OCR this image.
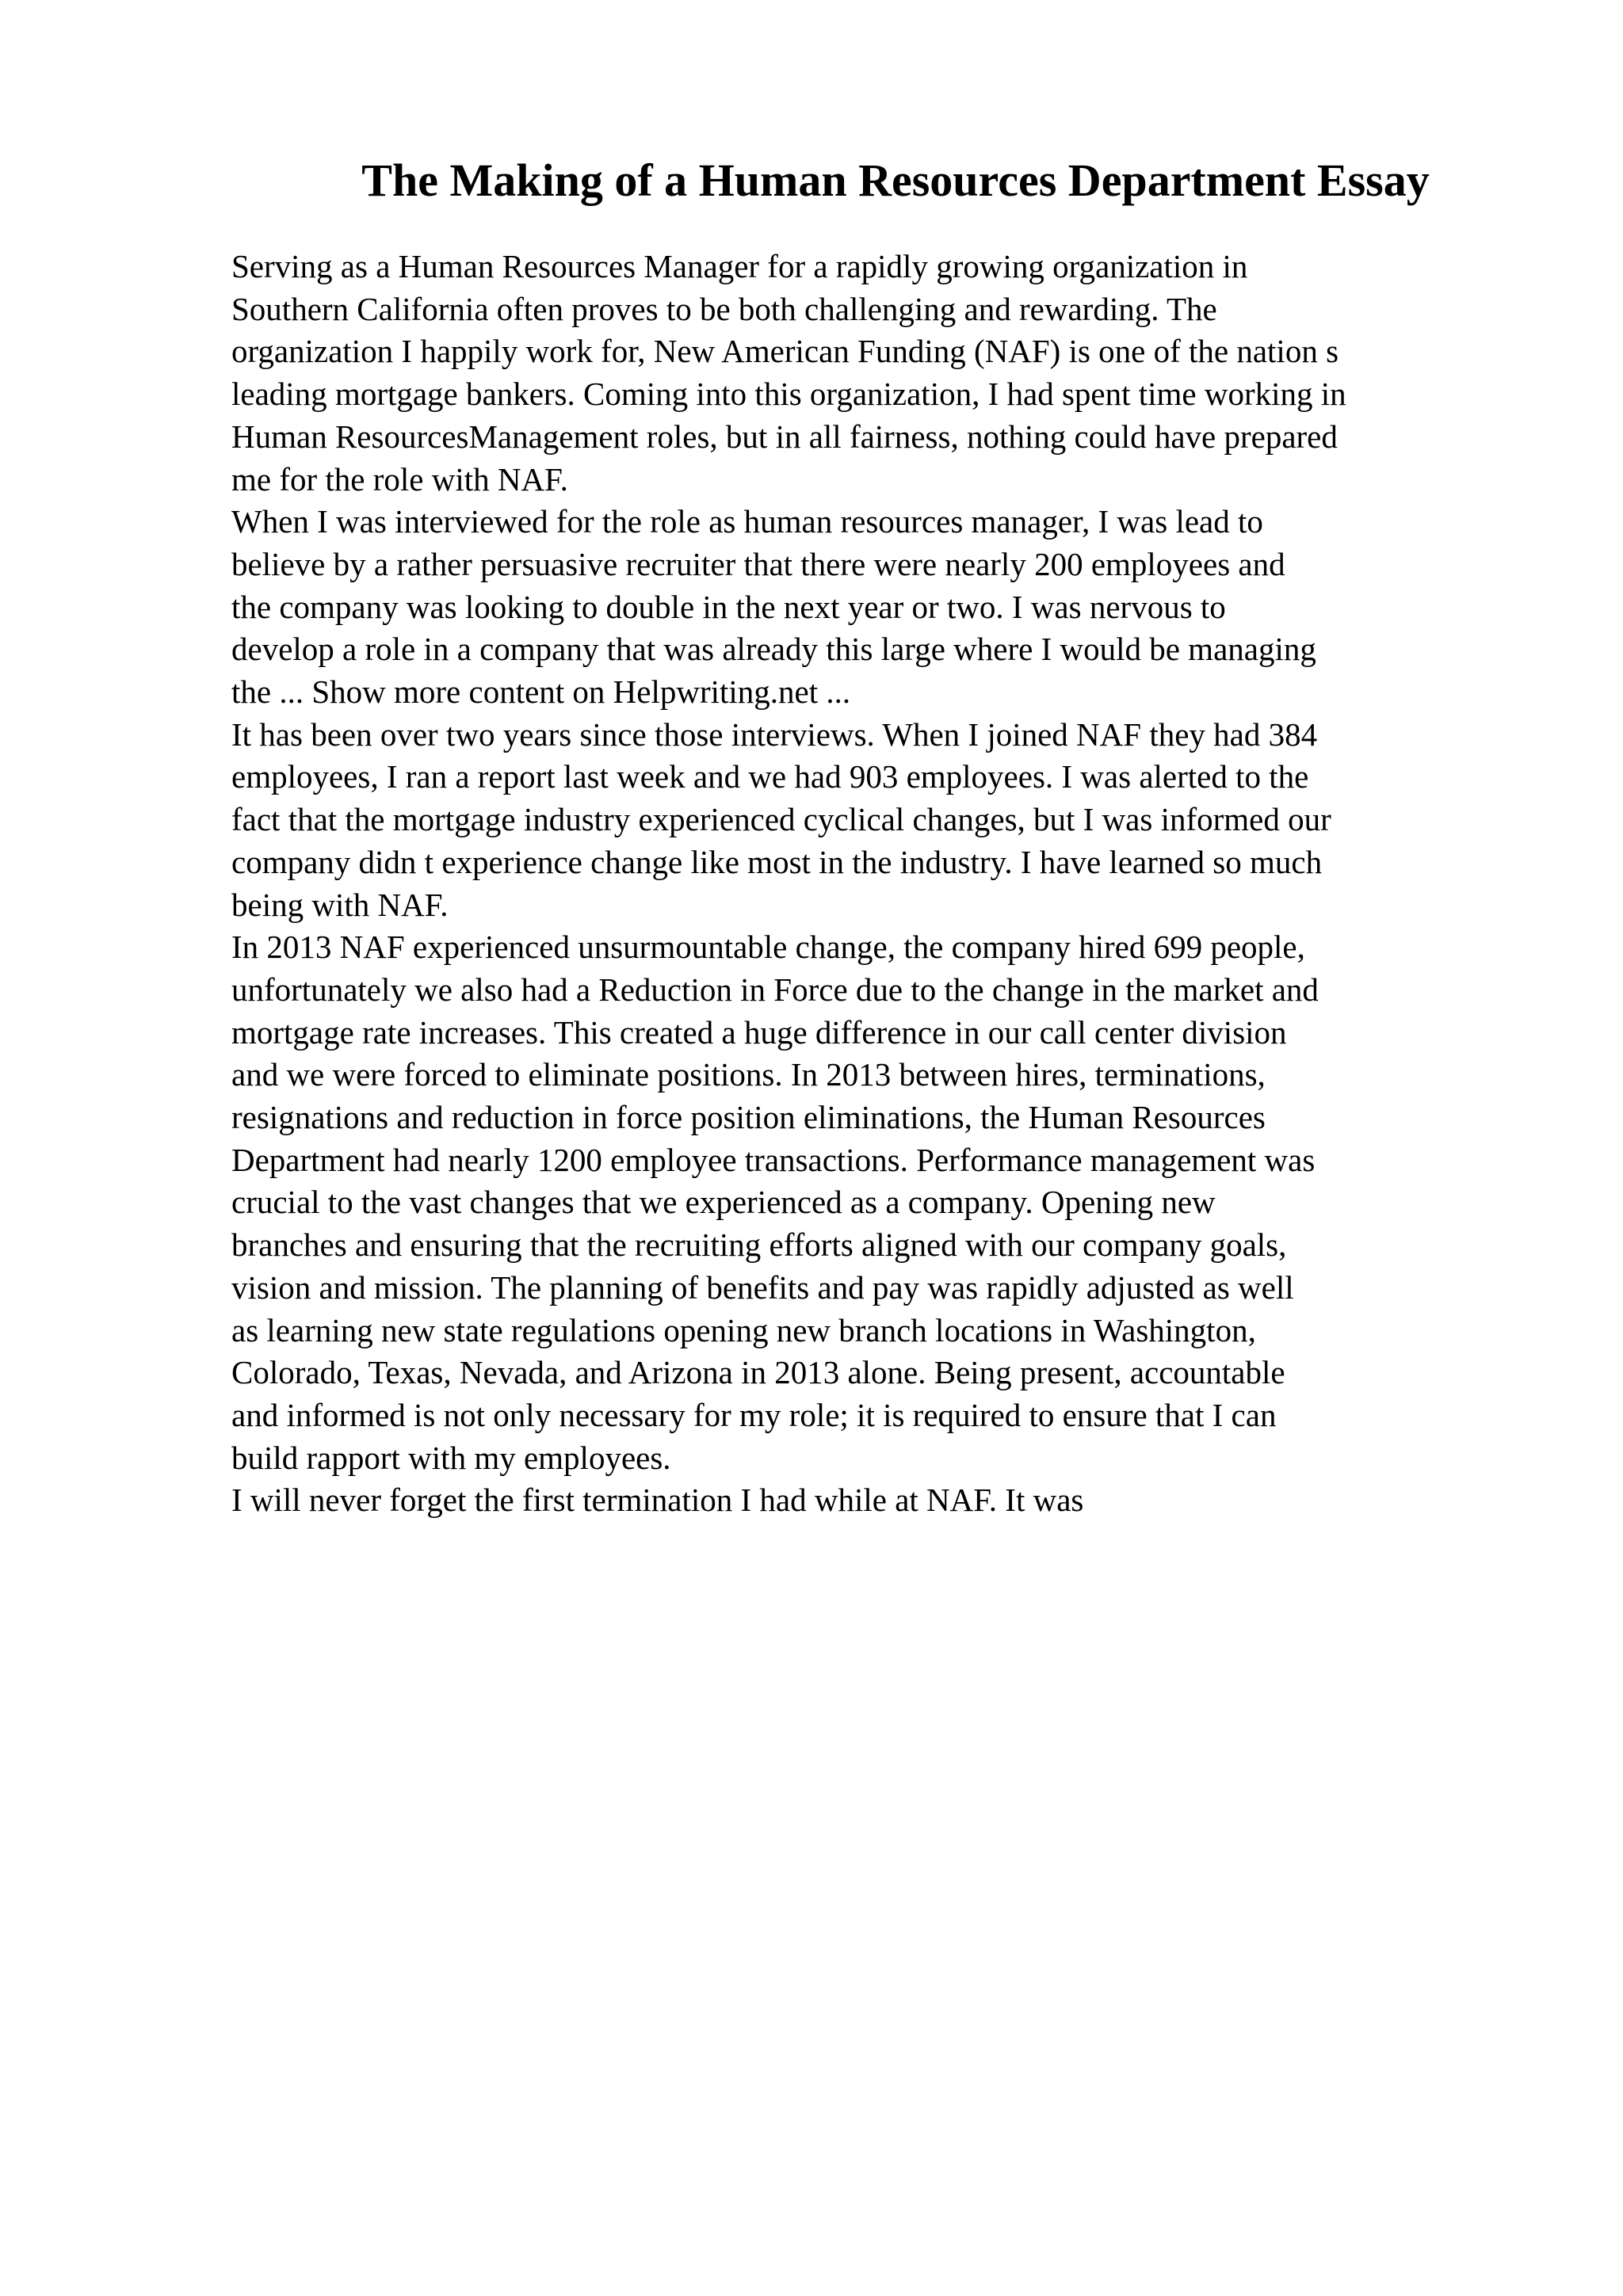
The Making of a Human Resources Department Essay
Serving as a Human Resources Manager for a rapidly growing organization in
Southern California often proves to be both challenging and rewarding. The
organization I happily work for, New American Funding (NAF) is one of the nation s
leading mortgage bankers. Coming into this organization, I had spent time working in
Human ResourcesManagement roles, but in all fairness, nothing could have prepared
me for the role with NAF.
When I was interviewed for the role as human resources manager, I was lead to
believe by a rather persuasive recruiter that there were nearly 200 employees and
the company was looking to double in the next year or two. I was nervous to
develop a role in a company that was already this large where I would be managing
the ... Show more content on Helpwriting.net ...
It has been over two years since those interviews. When I joined NAF they had 384
employees, I ran a report last week and we had 903 employees. I was alerted to the
fact that the mortgage industry experienced cyclical changes, but I was informed our
company didn t experience change like most in the industry. I have learned so much
being with NAF.
In 2013 NAF experienced unsurmountable change, the company hired 699 people,
unfortunately we also had a Reduction in Force due to the change in the market and
mortgage rate increases. This created a huge difference in our call center division
and we were forced to eliminate positions. In 2013 between hires, terminations,
resignations and reduction in force position eliminations, the Human Resources
Department had nearly 1200 employee transactions. Performance management was
crucial to the vast changes that we experienced as a company. Opening new
branches and ensuring that the recruiting efforts aligned with our company goals,
vision and mission. The planning of benefits and pay was rapidly adjusted as well
as learning new state regulations opening new branch locations in Washington,
Colorado, Texas, Nevada, and Arizona in 2013 alone. Being present, accountable
and informed is not only necessary for my role; it is required to ensure that I can
build rapport with my employees.
I will never forget the first termination I had while at NAF. It was
